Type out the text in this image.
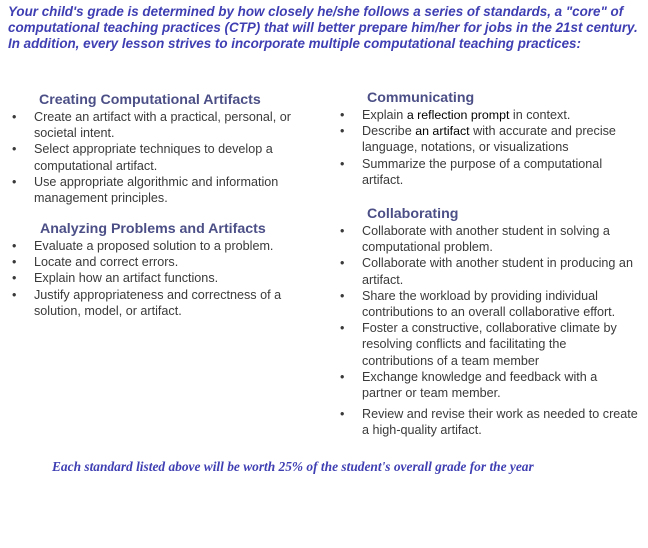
Your child's grade is determined by how closely he/she follows a series of standards, a "core" of computational teaching practices (CTP) that will better prepare him/her for jobs in the 21st century. In addition, every lesson strives to incorporate multiple computational teaching practices:

Creating Computational Artifacts
• Create an artifact with a practical, personal, or societal intent.
• Select appropriate techniques to develop a computational artifact.
• Use appropriate algorithmic and information management principles.
Analyzing Problems and Artifacts
• Evaluate a proposed solution to a problem.
• Locate and correct errors.
• Explain how an artifact functions.
• Justify appropriateness and correctness of a solution, model, or artifact.
Communicating
• Explain a reflection prompt in context.
• Describe an artifact with accurate and precise language, notations, or visualizations
• Summarize the purpose of a computational artifact.
Collaborating
• Collaborate with another student in solving a computational problem.
• Collaborate with another student in producing an artifact.
• Share the workload by providing individual contributions to an overall collaborative effort.
• Foster a constructive, collaborative climate by resolving conflicts and facilitating the contributions of a team member
• Exchange knowledge and feedback with a partner or team member.
• Review and revise their work as needed to create a high-quality artifact.

Each standard listed above will be worth 25% of the student's overall grade for the year
